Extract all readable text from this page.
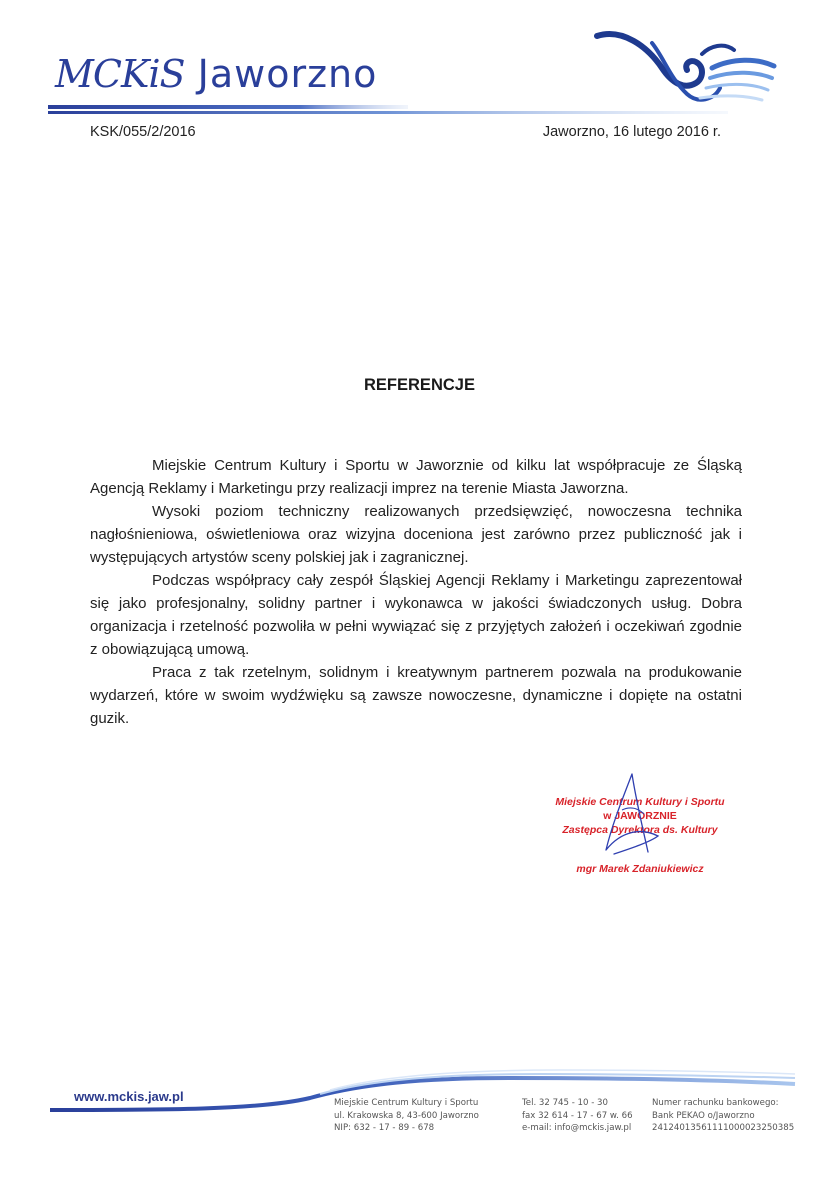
MCKiS Jaworzno
KSK/055/2/2016	Jaworzno, 16 lutego 2016 r.
REFERENCJE

Miejskie Centrum Kultury i Sportu w Jaworznie od kilku lat współpracuje ze Śląską Agencją Reklamy i Marketingu przy realizacji imprez na terenie Miasta Jaworzna.

Wysoki poziom techniczny realizowanych przedsięwzięć, nowoczesna technika nagłośnieniowa, oświetleniowa oraz wizyjna doceniona jest zarówno przez publiczność jak i występujących artystów sceny polskiej jak i zagranicznej.

Podczas współpracy cały zespół Śląskiej Agencji Reklamy i Marketingu zaprezentował się jako profesjonalny, solidny partner i wykonawca w jakości świadczonych usług. Dobra organizacja i rzetelność pozwoliła w pełni wywiązać się z przyjętych założeń i oczekiwań zgodnie z obowiązującą umową.

Praca z tak rzetelnym, solidnym i kreatywnym partnerem pozwala na produkowanie wydarzeń, które w swoim wydźwięku są zawsze nowoczesne, dynamiczne i dopięte na ostatni guzik.

Miejskie Centrum Kultury i Sportu
w JAWORZNIE
Zastępca Dyrektora ds. Kultury
mgr Marek Zdaniukiewicz
www.mckis.jaw.pl	Miejskie Centrum Kultury i Sportu
ul. Krakowska 8, 43-600 Jaworzno
NIP: 632 - 17 - 89 - 678
Tel. 32 745 - 10 - 30
fax 32 614 - 17 - 67 w. 66
e-mail: info@mckis.jaw.pl
Numer rachunku bankowego:
Bank PEKAO o/Jaworzno
24124013561111000023250385
